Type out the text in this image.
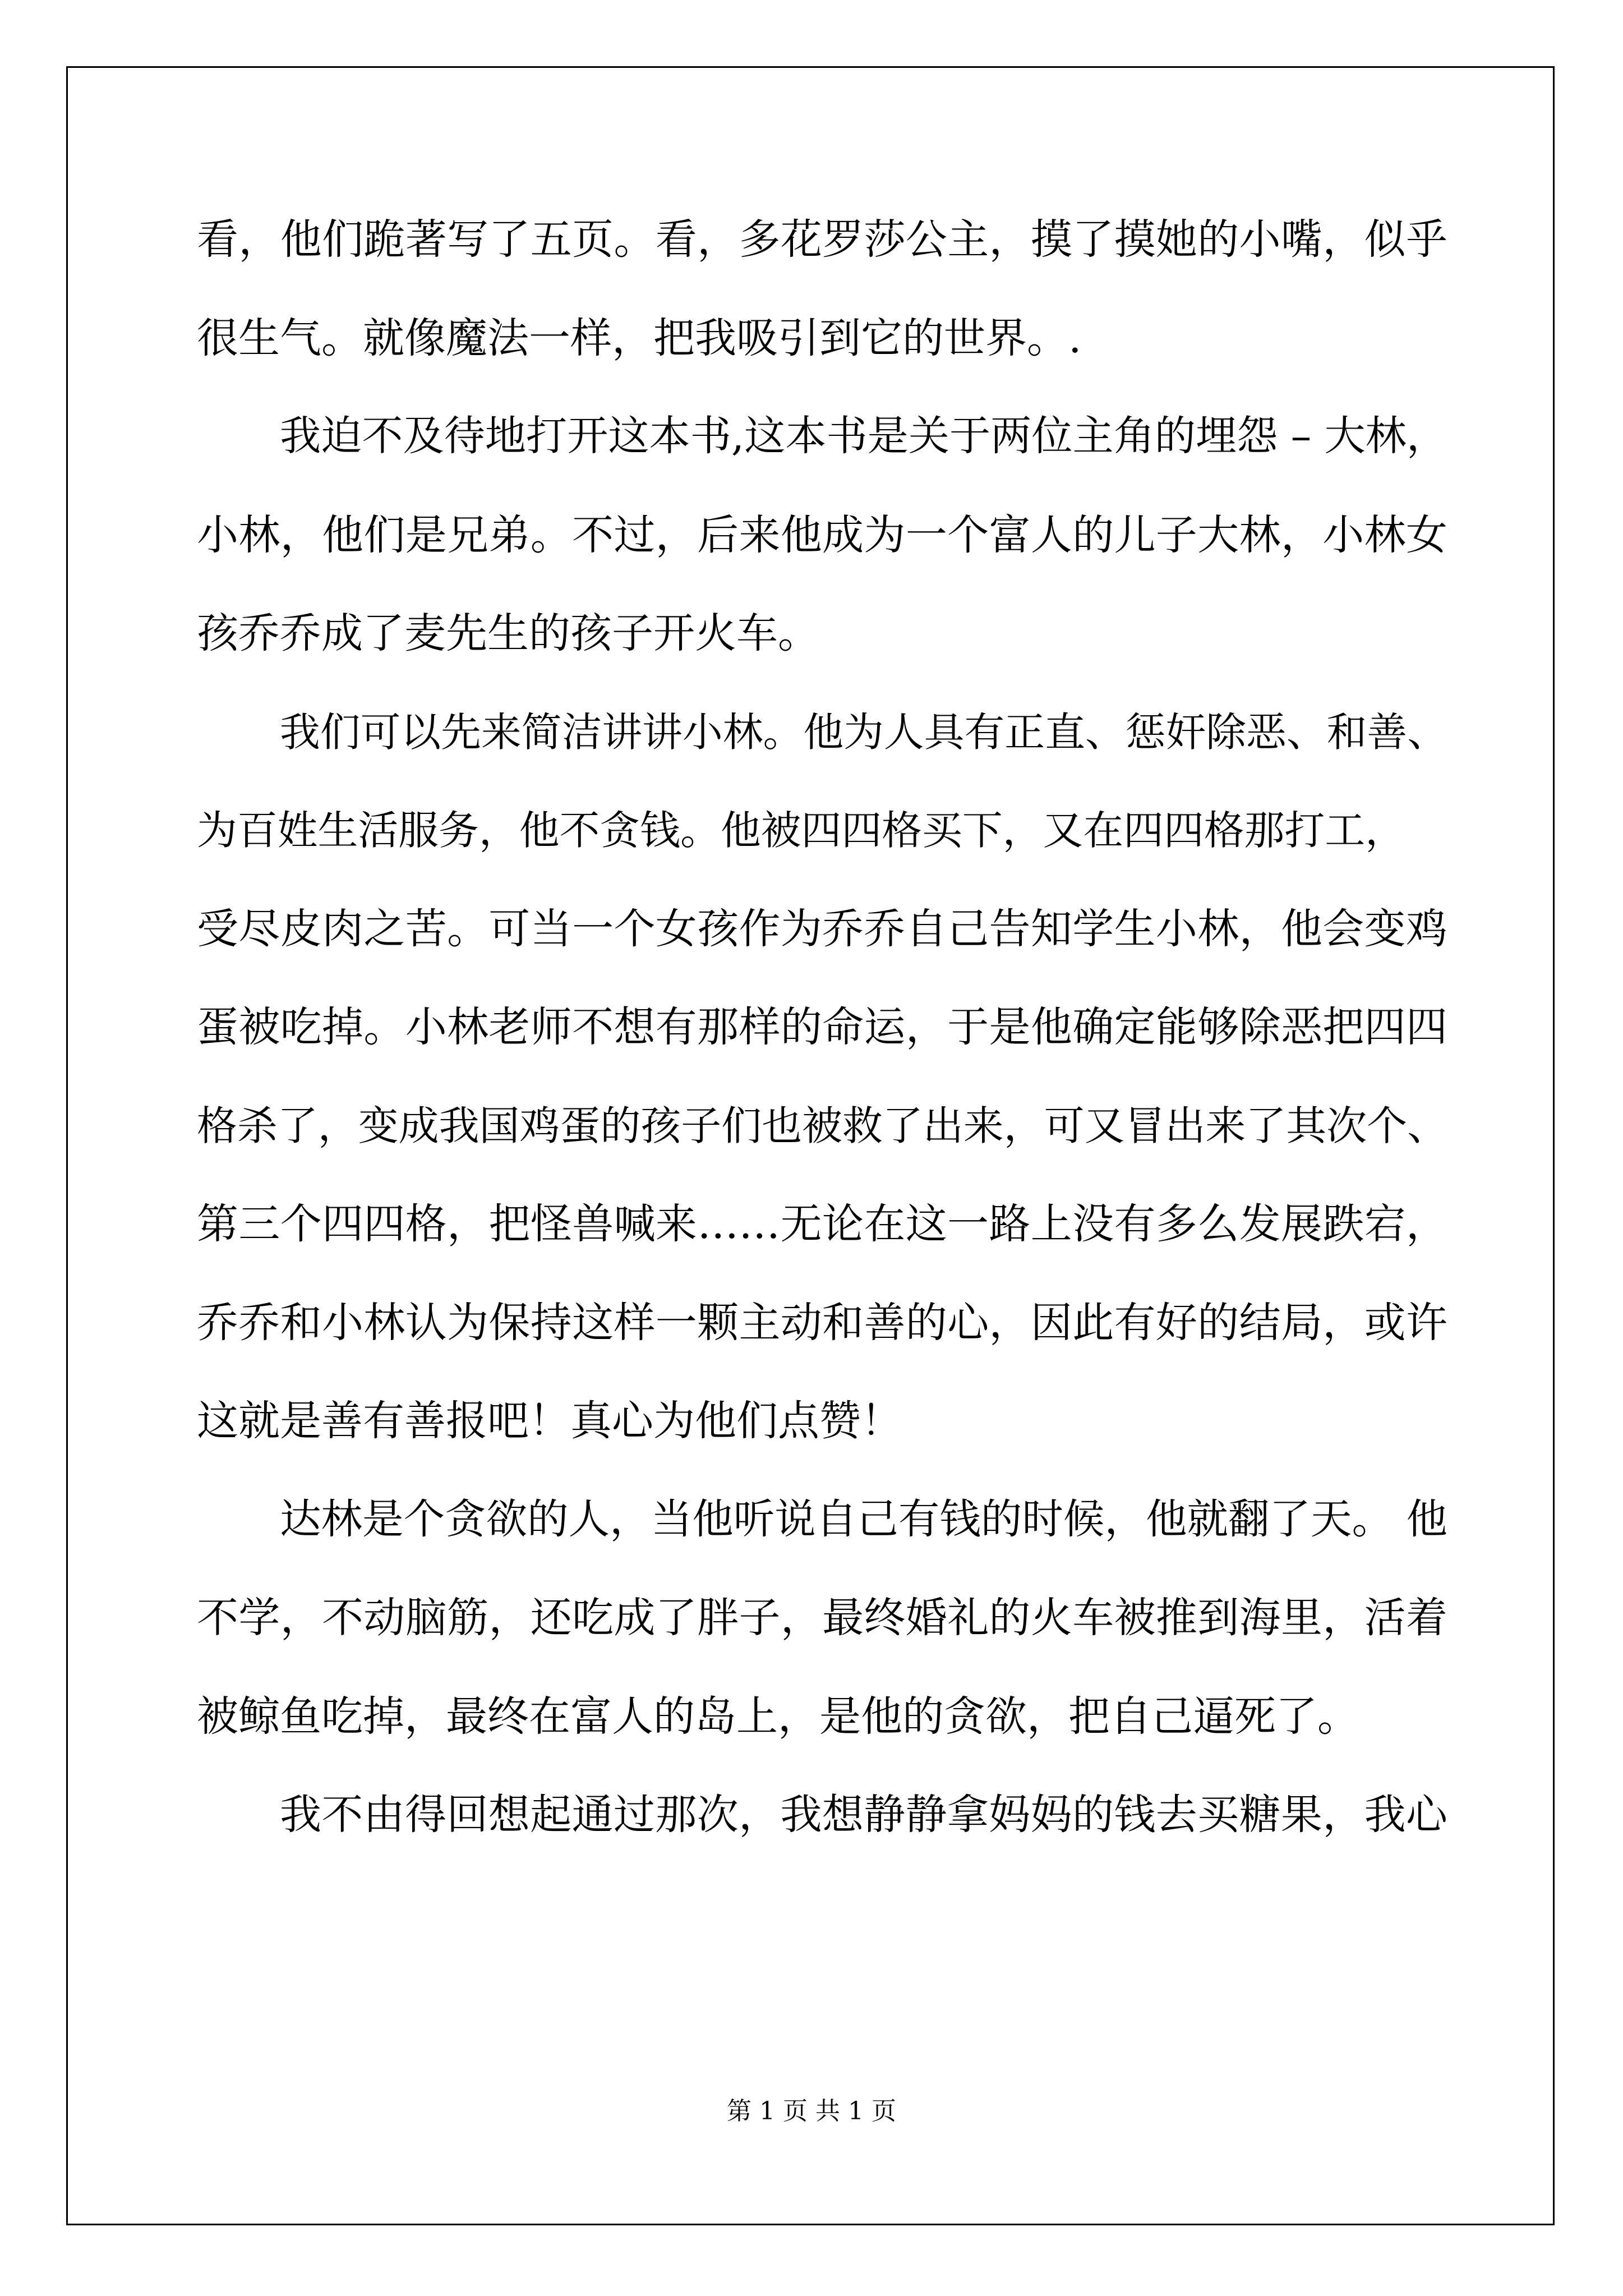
看，他们跪著写了五页。看，多花罗莎公主，摸了摸她的小嘴，似乎
很生气。就像魔法一样，把我吸引到它的世界。.
我迫不及待地打开这本书,这本书是关于两位主角的埋怨 – 大林，
小林，他们是兄弟。不过，后来他成为一个富人的儿子大林，小林女
孩乔乔成了麦先生的孩子开火车。
我们可以先来简洁讲讲小林。他为人具有正直、惩奸除恶、和善、
为百姓生活服务，他不贪钱。他被四四格买下，又在四四格那打工，
受尽皮肉之苦。可当一个女孩作为乔乔自己告知学生小林，他会变鸡
蛋被吃掉。小林老师不想有那样的命运，于是他确定能够除恶把四四
格杀了，变成我国鸡蛋的孩子们也被救了出来，可又冒出来了其次个、
第三个四四格，把怪兽喊来……无论在这一路上没有多么发展跌宕，
乔乔和小林认为保持这样一颗主动和善的心，因此有好的结局，或许
这就是善有善报吧！真心为他们点赞！
达林是个贪欲的人，当他听说自己有钱的时候，他就翻了天。 他
不学，不动脑筋，还吃成了胖子，最终婚礼的火车被推到海里，活着
被鲸鱼吃掉，最终在富人的岛上，是他的贪欲，把自己逼死了。
我不由得回想起通过那次，我想静静拿妈妈的钱去买糖果，我心
第 1 页 共 1 页
